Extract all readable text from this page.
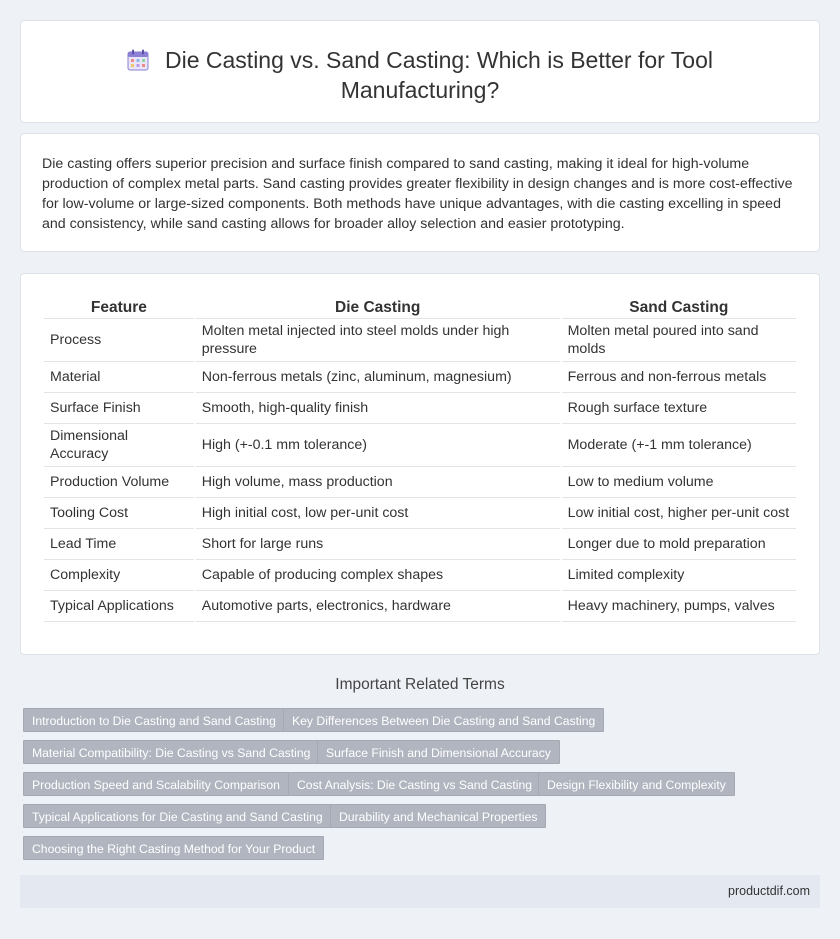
Die Casting vs. Sand Casting: Which is Better for Tool Manufacturing?

Die casting offers superior precision and surface finish compared to sand casting, making it ideal for high-volume production of complex metal parts. Sand casting provides greater flexibility in design changes and is more cost-effective for low-volume or large-sized components. Both methods have unique advantages, with die casting excelling in speed and consistency, while sand casting allows for broader alloy selection and easier prototyping.

Feature	Die Casting	Sand Casting
Process	Molten metal injected into steel molds under high pressure	Molten metal poured into sand molds
Material	Non-ferrous metals (zinc, aluminum, magnesium)	Ferrous and non-ferrous metals
Surface Finish	Smooth, high-quality finish	Rough surface texture
Dimensional Accuracy	High (+-0.1 mm tolerance)	Moderate (+-1 mm tolerance)
Production Volume	High volume, mass production	Low to medium volume
Tooling Cost	High initial cost, low per-unit cost	Low initial cost, higher per-unit cost
Lead Time	Short for large runs	Longer due to mold preparation
Complexity	Capable of producing complex shapes	Limited complexity
Typical Applications	Automotive parts, electronics, hardware	Heavy machinery, pumps, valves
Important Related Terms
Introduction to Die Casting and Sand Casting	Key Differences Between Die Casting and Sand Casting
Material Compatibility: Die Casting vs Sand Casting	Surface Finish and Dimensional Accuracy
Production Speed and Scalability Comparison	Cost Analysis: Die Casting vs Sand Casting	Design Flexibility and Complexity
Typical Applications for Die Casting and Sand Casting	Durability and Mechanical Properties
Choosing the Right Casting Method for Your Product
productdif.com
